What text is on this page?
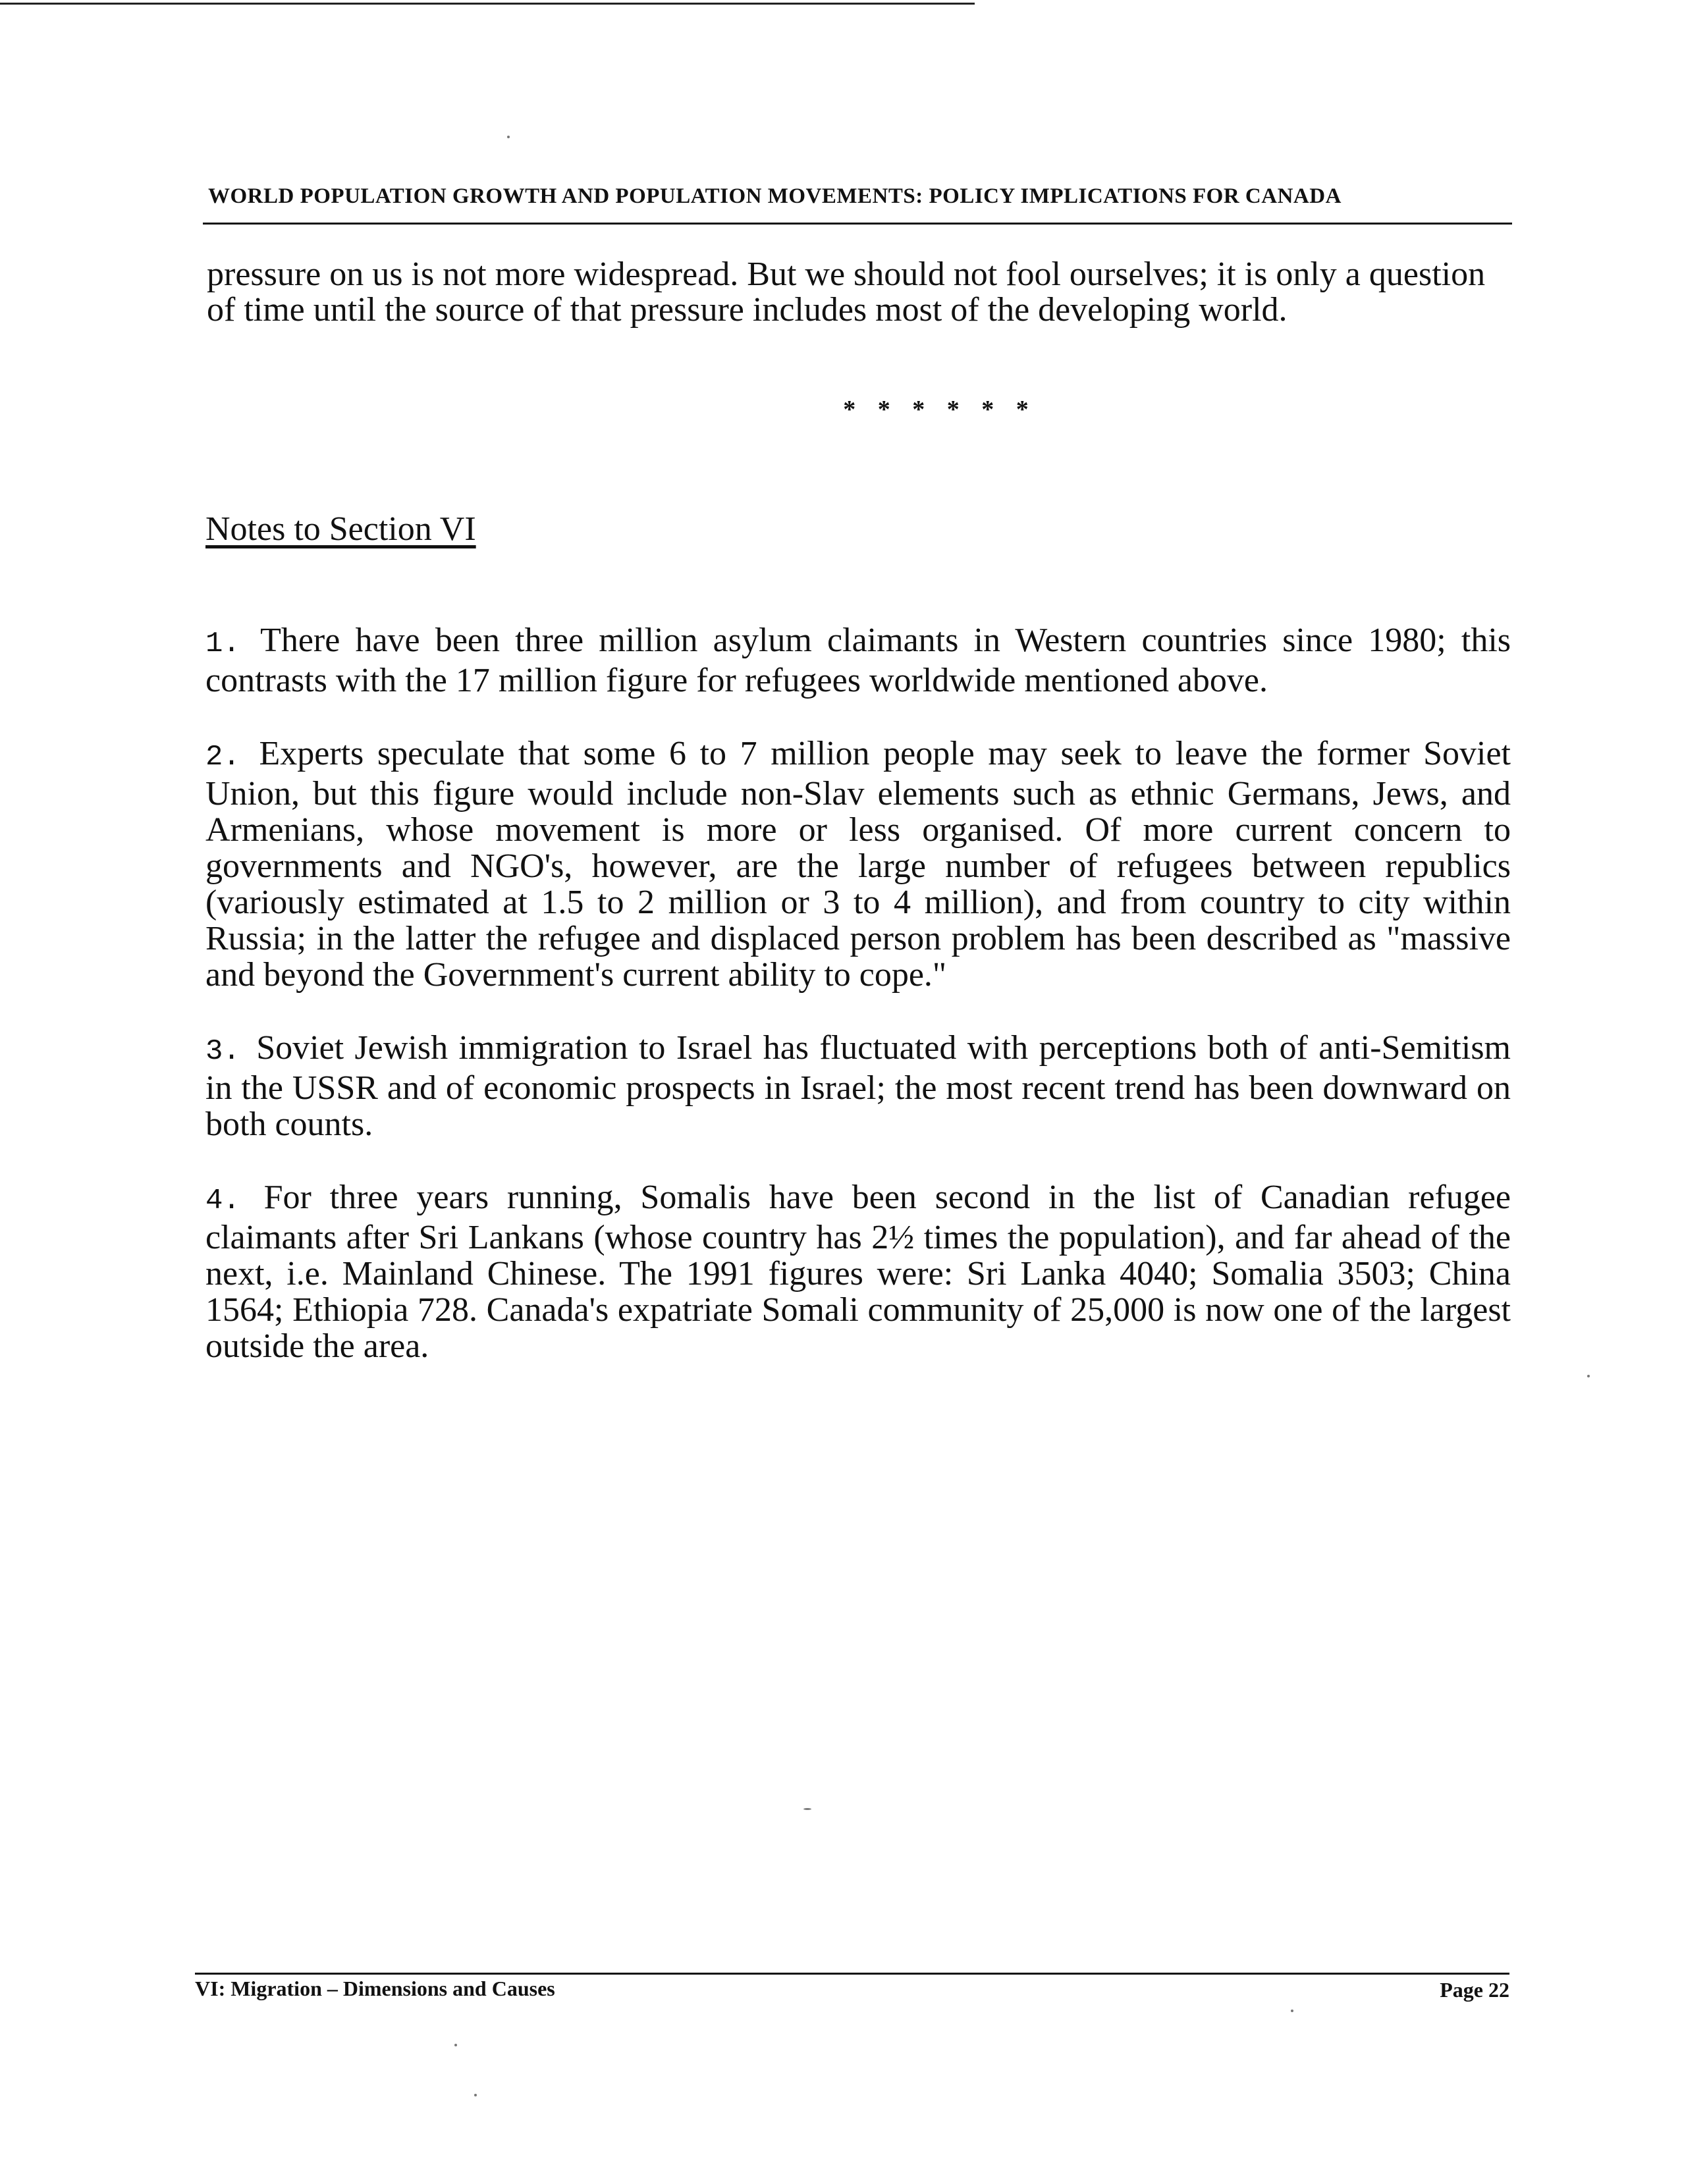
WORLD POPULATION GROWTH AND POPULATION MOVEMENTS: POLICY IMPLICATIONS FOR CANADA
pressure on us is not more widespread. But we should not fool ourselves; it is only a question of time until the source of that pressure includes most of the developing world.
* * * * * *
Notes to Section VI

1. There have been three million asylum claimants in Western countries since 1980; this contrasts with the 17 million figure for refugees worldwide mentioned above.

2. Experts speculate that some 6 to 7 million people may seek to leave the former Soviet Union, but this figure would include non-Slav elements such as ethnic Germans, Jews, and Armenians, whose movement is more or less organised. Of more current concern to governments and NGO's, however, are the large number of refugees between republics (variously estimated at 1.5 to 2 million or 3 to 4 million), and from country to city within Russia; in the latter the refugee and displaced person problem has been described as "massive and beyond the Government's current ability to cope."

3. Soviet Jewish immigration to Israel has fluctuated with perceptions both of anti-Semitism in the USSR and of economic prospects in Israel; the most recent trend has been downward on both counts.

4. For three years running, Somalis have been second in the list of Canadian refugee claimants after Sri Lankans (whose country has 2½ times the population), and far ahead of the next, i.e. Mainland Chinese. The 1991 figures were: Sri Lanka 4040; Somalia 3503; China 1564; Ethiopia 728. Canada's expatriate Somali community of 25,000 is now one of the largest outside the area.

VI: Migration – Dimensions and Causes	Page 22
